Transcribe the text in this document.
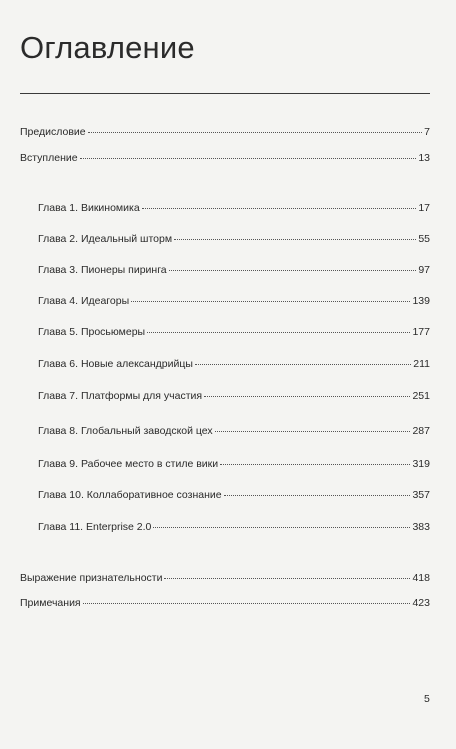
Оглавление
Предисловие	7
Вступление	13
Глава 1. Викиномика	17
Глава 2. Идеальный шторм	55
Глава 3. Пионеры пиринга	97
Глава 4. Идеагоры	139
Глава 5. Просьюмеры	177
Глава 6. Новые александрийцы	211
Глава 7. Платформы для участия	251
Глава 8. Глобальный заводской цех	287
Глава 9. Рабочее место в стиле вики	319
Глава 10. Коллаборативное сознание	357
Глава 11. Enterprise 2.0	383
Выражение признательности	418
Примечания	423
5
